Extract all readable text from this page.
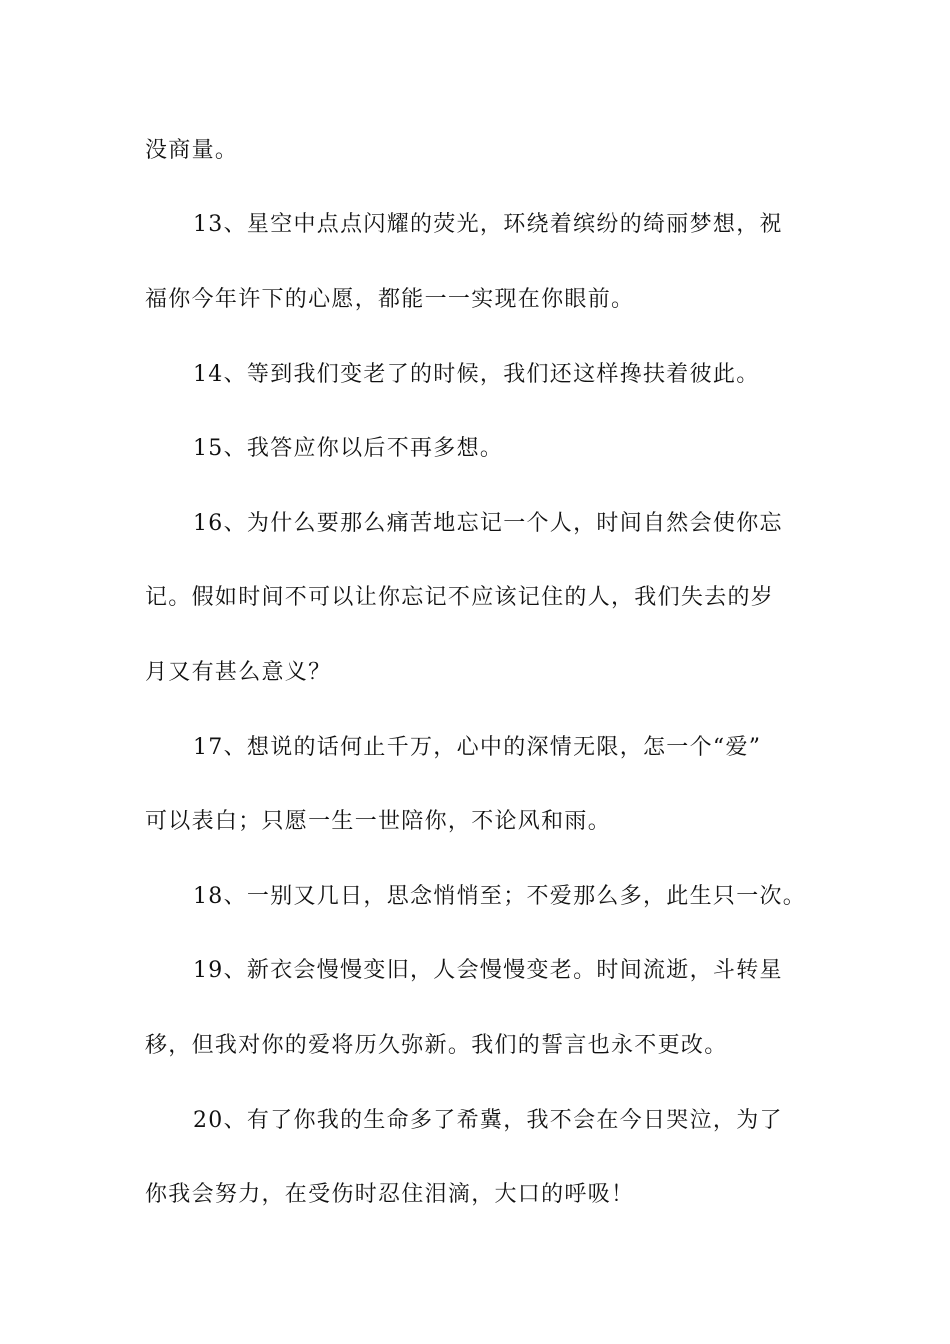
没商量。
13、星空中点点闪耀的荧光，环绕着缤纷的绮丽梦想，祝
福你今年许下的心愿，都能一一实现在你眼前。
14、等到我们变老了的时候，我们还这样搀扶着彼此。
15、我答应你以后不再多想。
16、为什么要那么痛苦地忘记一个人，时间自然会使你忘
记。假如时间不可以让你忘记不应该记住的人，我们失去的岁
月又有甚么意义？
17、想说的话何止千万，心中的深情无限，怎一个“爱”
可以表白；只愿一生一世陪你，不论风和雨。
18、一别又几日，思念悄悄至；不爱那么多，此生只一次。
19、新衣会慢慢变旧，人会慢慢变老。时间流逝，斗转星
移，但我对你的爱将历久弥新。我们的誓言也永不更改。
20、有了你我的生命多了希冀，我不会在今日哭泣，为了
你我会努力，在受伤时忍住泪滴，大口的呼吸！
